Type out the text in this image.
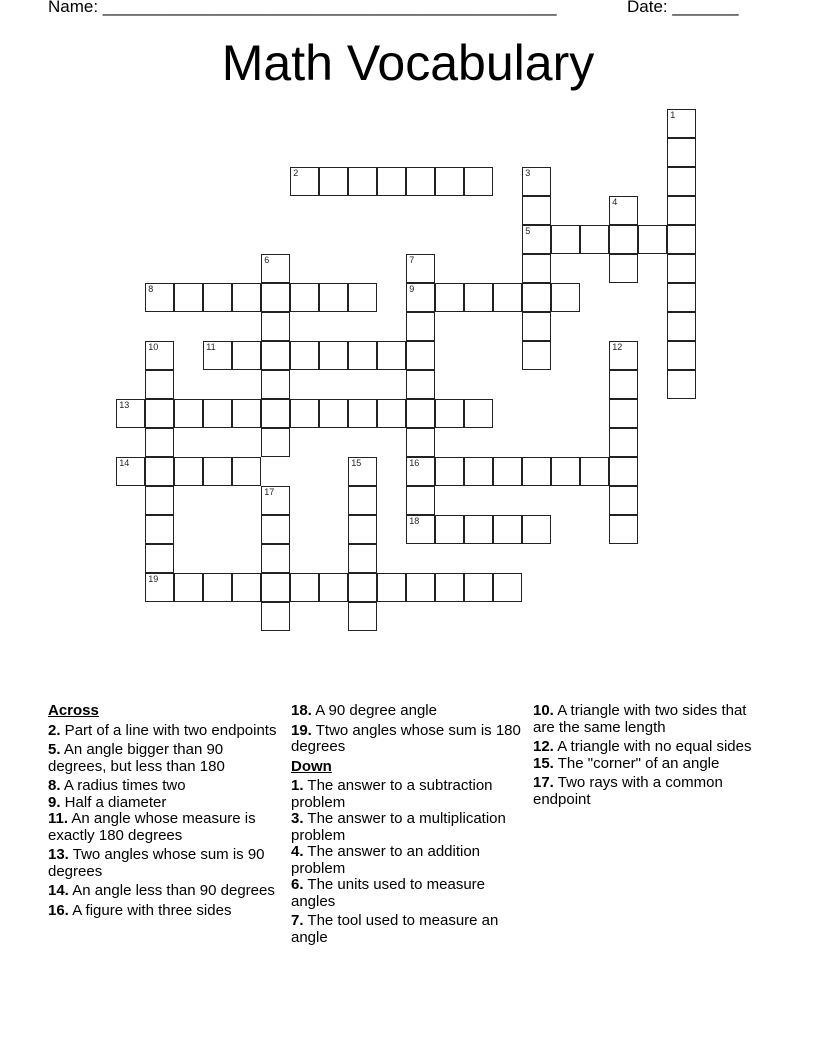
Name: ________________________________________________	Date: _______
Math Vocabulary
1
2	3
5
4
6	7
9
16
18
8
10
19
11	12
13
14	15
17
Across
2. Part of a line with two endpoints
5. An angle bigger than 90 degrees, but less than 180
8. A radius times two
9. Half a diameter
11. An angle whose measure is exactly 180 degrees
13. Two angles whose sum is 90 degrees
14. An angle less than 90 degrees
16. A figure with three sides
18. A 90 degree angle
19. Ttwo angles whose sum is 180 degrees
Down
1. The answer to a subtraction problem
3. The answer to a multiplication problem
4. The answer to an addition problem
6. The units used to measure angles
7. The tool used to measure an angle
10. A triangle with two sides that are the same length
12. A triangle with no equal sides
15. The "corner" of an angle
17. Two rays with a common endpoint
